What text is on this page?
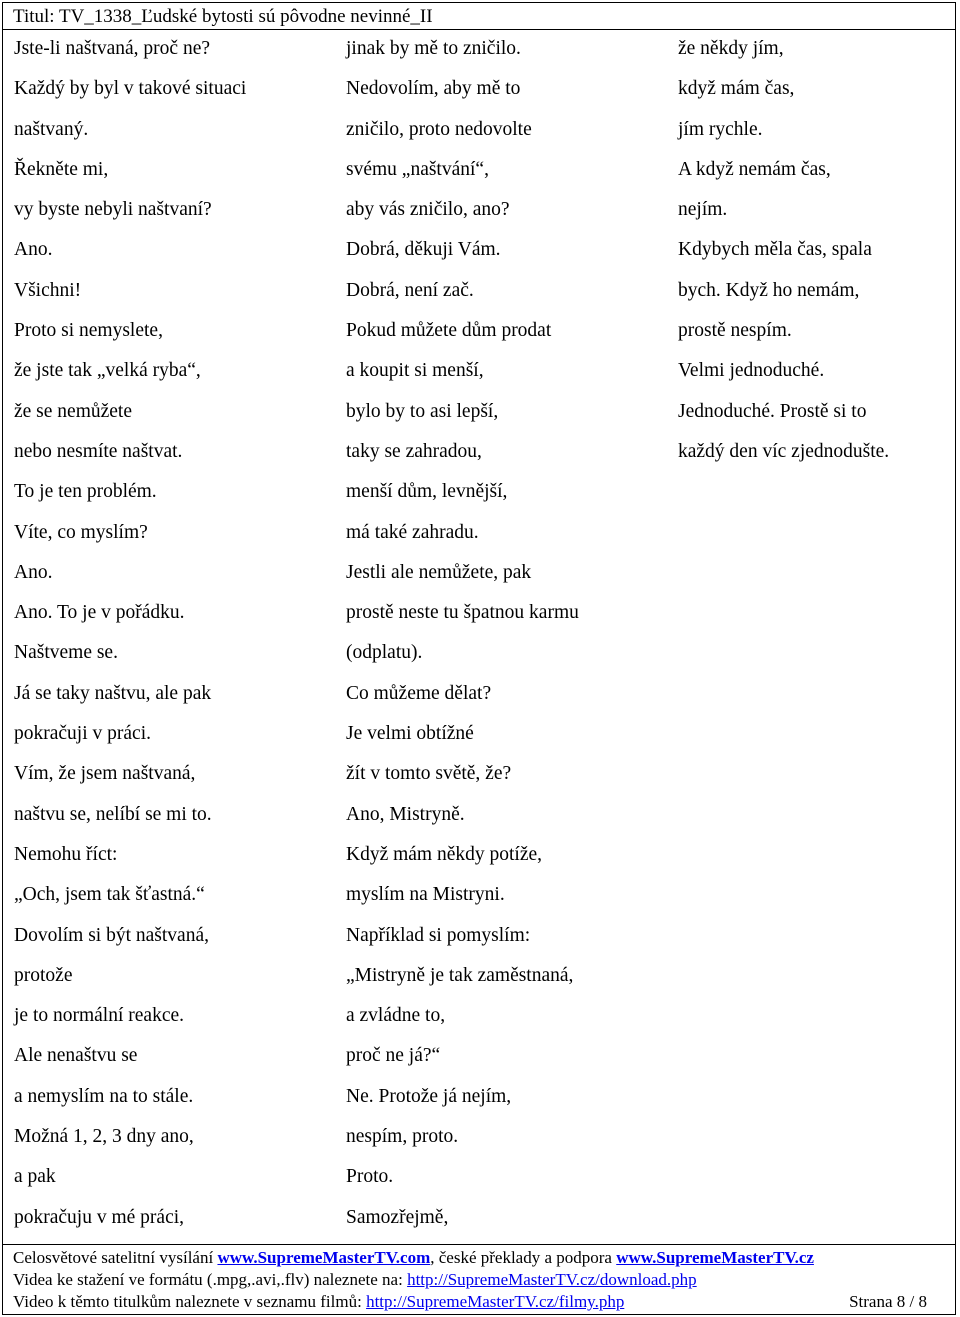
Titul: TV_1338_Ľudské bytosti sú pôvodne nevinné_II
Jste-li naštvaná, proč ne?
Každý by byl v takové situaci
naštvaný.
Řekněte mi,
vy byste nebyli naštvaní?
Ano.
Všichni!
Proto si nemyslete,
že jste tak „velká ryba“,
že se nemůžete
nebo nesmíte naštvat.
To je ten problém.
Víte, co myslím?
Ano.
Ano. To je v pořádku.
Naštveme se.
Já se taky naštvu, ale pak
pokračuji v práci.
Vím, že jsem naštvaná,
naštvu se, nelíbí se mi to.
Nemohu říct:
„Och, jsem tak šťastná.“
Dovolím si být naštvaná,
protože
je to normální reakce.
Ale nenaštvu se
a nemyslím na to stále.
Možná 1, 2, 3 dny ano,
a pak
pokračuju v mé práci,
jinak by mě to zničilo.
Nedovolím, aby mě to
zničilo, proto nedovolte
svému „naštvání“,
aby vás zničilo, ano?
Dobrá, děkuji Vám.
Dobrá, není zač.
Pokud můžete dům prodat
a koupit si menší,
bylo by to asi lepší,
taky se zahradou,
menší dům, levnější,
má také zahradu.
Jestli ale nemůžete, pak
prostě neste tu špatnou karmu
(odplatu).
Co můžeme dělat?
Je velmi obtížné
žít v tomto světě, že?
Ano, Mistryně.
Když mám někdy potíže,
myslím na Mistryni.
Například si pomyslím:
„Mistryně je tak zaměstnaná,
a zvládne to,
proč ne já?“
Ne. Protože já nejím,
nespím, proto.
Proto.
Samozřejmě,
že někdy jím,
když mám čas,
jím rychle.
A když nemám čas,
nejím.
Kdybych měla čas, spala
bych. Když ho nemám,
prostě nespím.
Velmi jednoduché.
Jednoduché. Prostě si to
každý den víc zjednodušte.
Celosvětové satelitní vysílání www.SupremeMasterTV.com, české překlady a podpora www.SupremeMasterTV.cz
Videa ke stažení ve formátu (.mpg,.avi,.flv) naleznete na: http://SupremeMasterTV.cz/download.php
Video k těmto titulkům naleznete v seznamu filmů: http://SupremeMasterTV.cz/filmy.php	Strana 8 / 8
